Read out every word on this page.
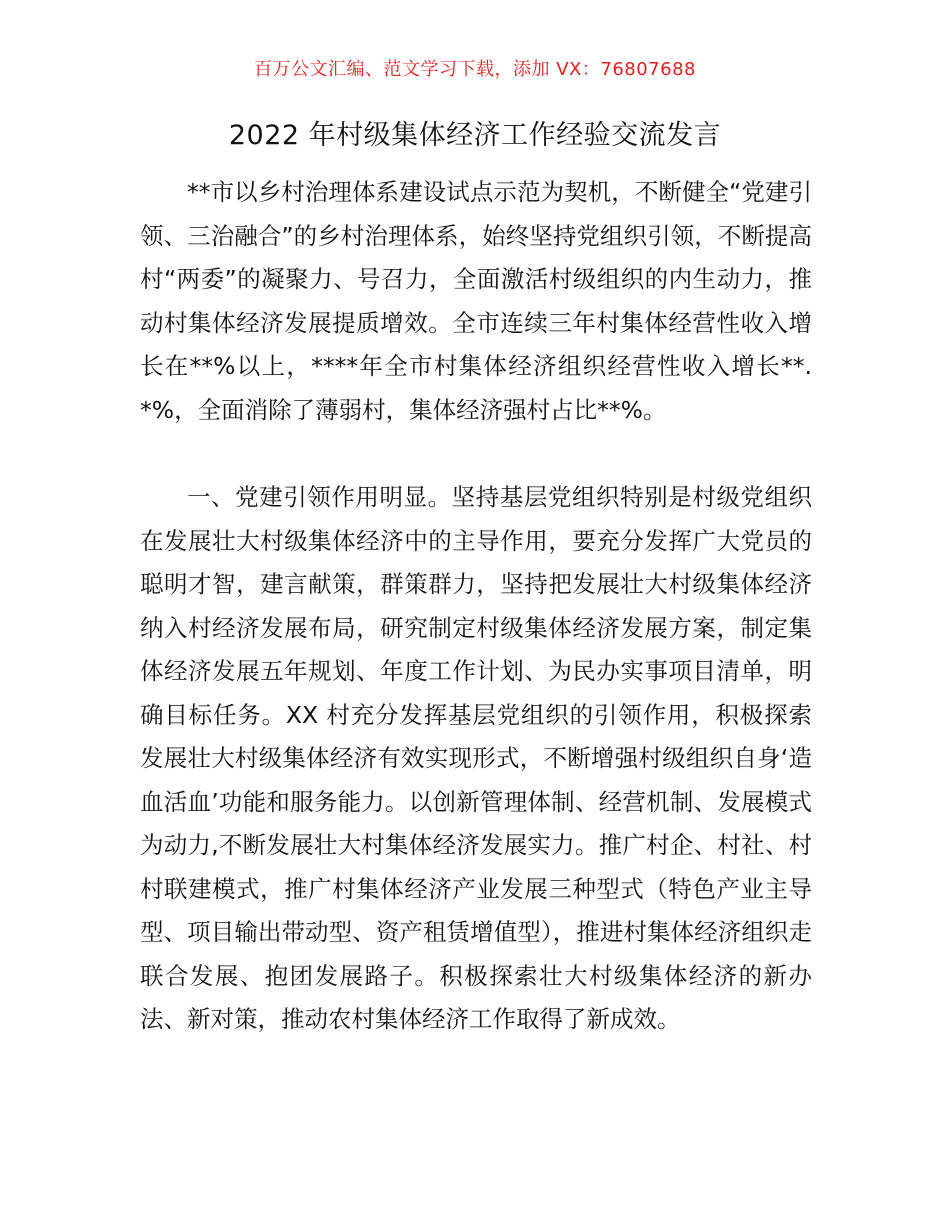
百万公文汇编、范文学习下载，添加 VX：76807688
2022 年村级集体经济工作经验交流发言

**市以乡村治理体系建设试点示范为契机，不断健全“党建引领、三治融合”的乡村治理体系，始终坚持党组织引领，不断提高村“两委”的凝聚力、号召力，全面激活村级组织的内生动力，推动村集体经济发展提质增效。全市连续三年村集体经营性收入增长在**%以上，****年全市村集体经济组织经营性收入增长**.*%，全面消除了薄弱村，集体经济强村占比**%。

一、党建引领作用明显。坚持基层党组织特别是村级党组织在发展壮大村级集体经济中的主导作用，要充分发挥广大党员的聪明才智，建言献策，群策群力，坚持把发展壮大村级集体经济纳入村经济发展布局，研究制定村级集体经济发展方案，制定集体经济发展五年规划、年度工作计划、为民办实事项目清单，明确目标任务。XX 村充分发挥基层党组织的引领作用，积极探索发展壮大村级集体经济有效实现形式，不断增强村级组织自身‘造血活血’功能和服务能力。以创新管理体制、经营机制、发展模式为动力,不断发展壮大村集体经济发展实力。推广村企、村社、村村联建模式，推广村集体经济产业发展三种型式（特色产业主导型、项目输出带动型、资产租赁增值型），推进村集体经济组织走联合发展、抱团发展路子。积极探索壮大村级集体经济的新办法、新对策，推动农村集体经济工作取得了新成效。
